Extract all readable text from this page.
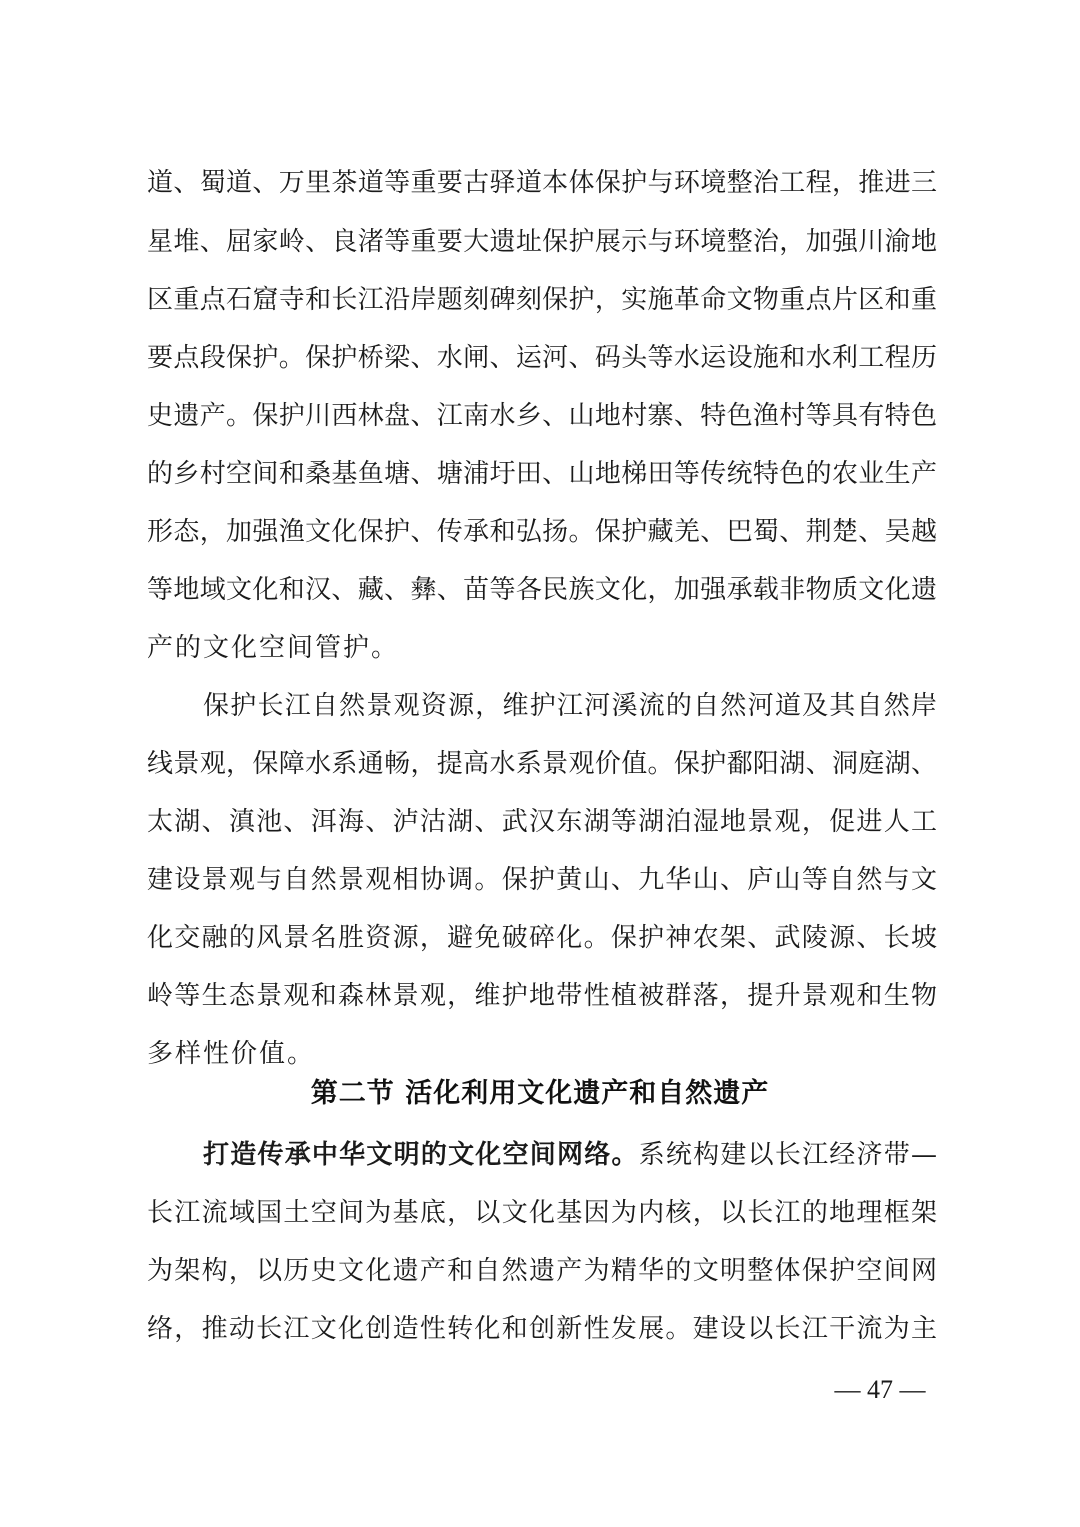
道、蜀道、万里茶道等重要古驿道本体保护与环境整治工程，推进三
星堆、屈家岭、良渚等重要大遗址保护展示与环境整治，加强川渝地
区重点石窟寺和长江沿岸题刻碑刻保护，实施革命文物重点片区和重
要点段保护。保护桥梁、水闸、运河、码头等水运设施和水利工程历
史遗产。保护川西林盘、江南水乡、山地村寨、特色渔村等具有特色
的乡村空间和桑基鱼塘、塘浦圩田、山地梯田等传统特色的农业生产
形态，加强渔文化保护、传承和弘扬。保护藏羌、巴蜀、荆楚、吴越
等地域文化和汉、藏、彝、苗等各民族文化，加强承载非物质文化遗
产的文化空间管护。
保护长江自然景观资源，维护江河溪流的自然河道及其自然岸
线景观，保障水系通畅，提高水系景观价值。保护鄱阳湖、洞庭湖、
太湖、滇池、洱海、泸沽湖、武汉东湖等湖泊湿地景观，促进人工
建设景观与自然景观相协调。保护黄山、九华山、庐山等自然与文
化交融的风景名胜资源，避免破碎化。保护神农架、武陵源、长坡
岭等生态景观和森林景观，维护地带性植被群落，提升景观和生物
多样性价值。
第二节 活化利用文化遗产和自然遗产
打造传承中华文明的文化空间网络。系统构建以长江经济带—
长江流域国土空间为基底，以文化基因为内核，以长江的地理框架
为架构，以历史文化遗产和自然遗产为精华的文明整体保护空间网
络，推动长江文化创造性转化和创新性发展。建设以长江干流为主
— 47 —
